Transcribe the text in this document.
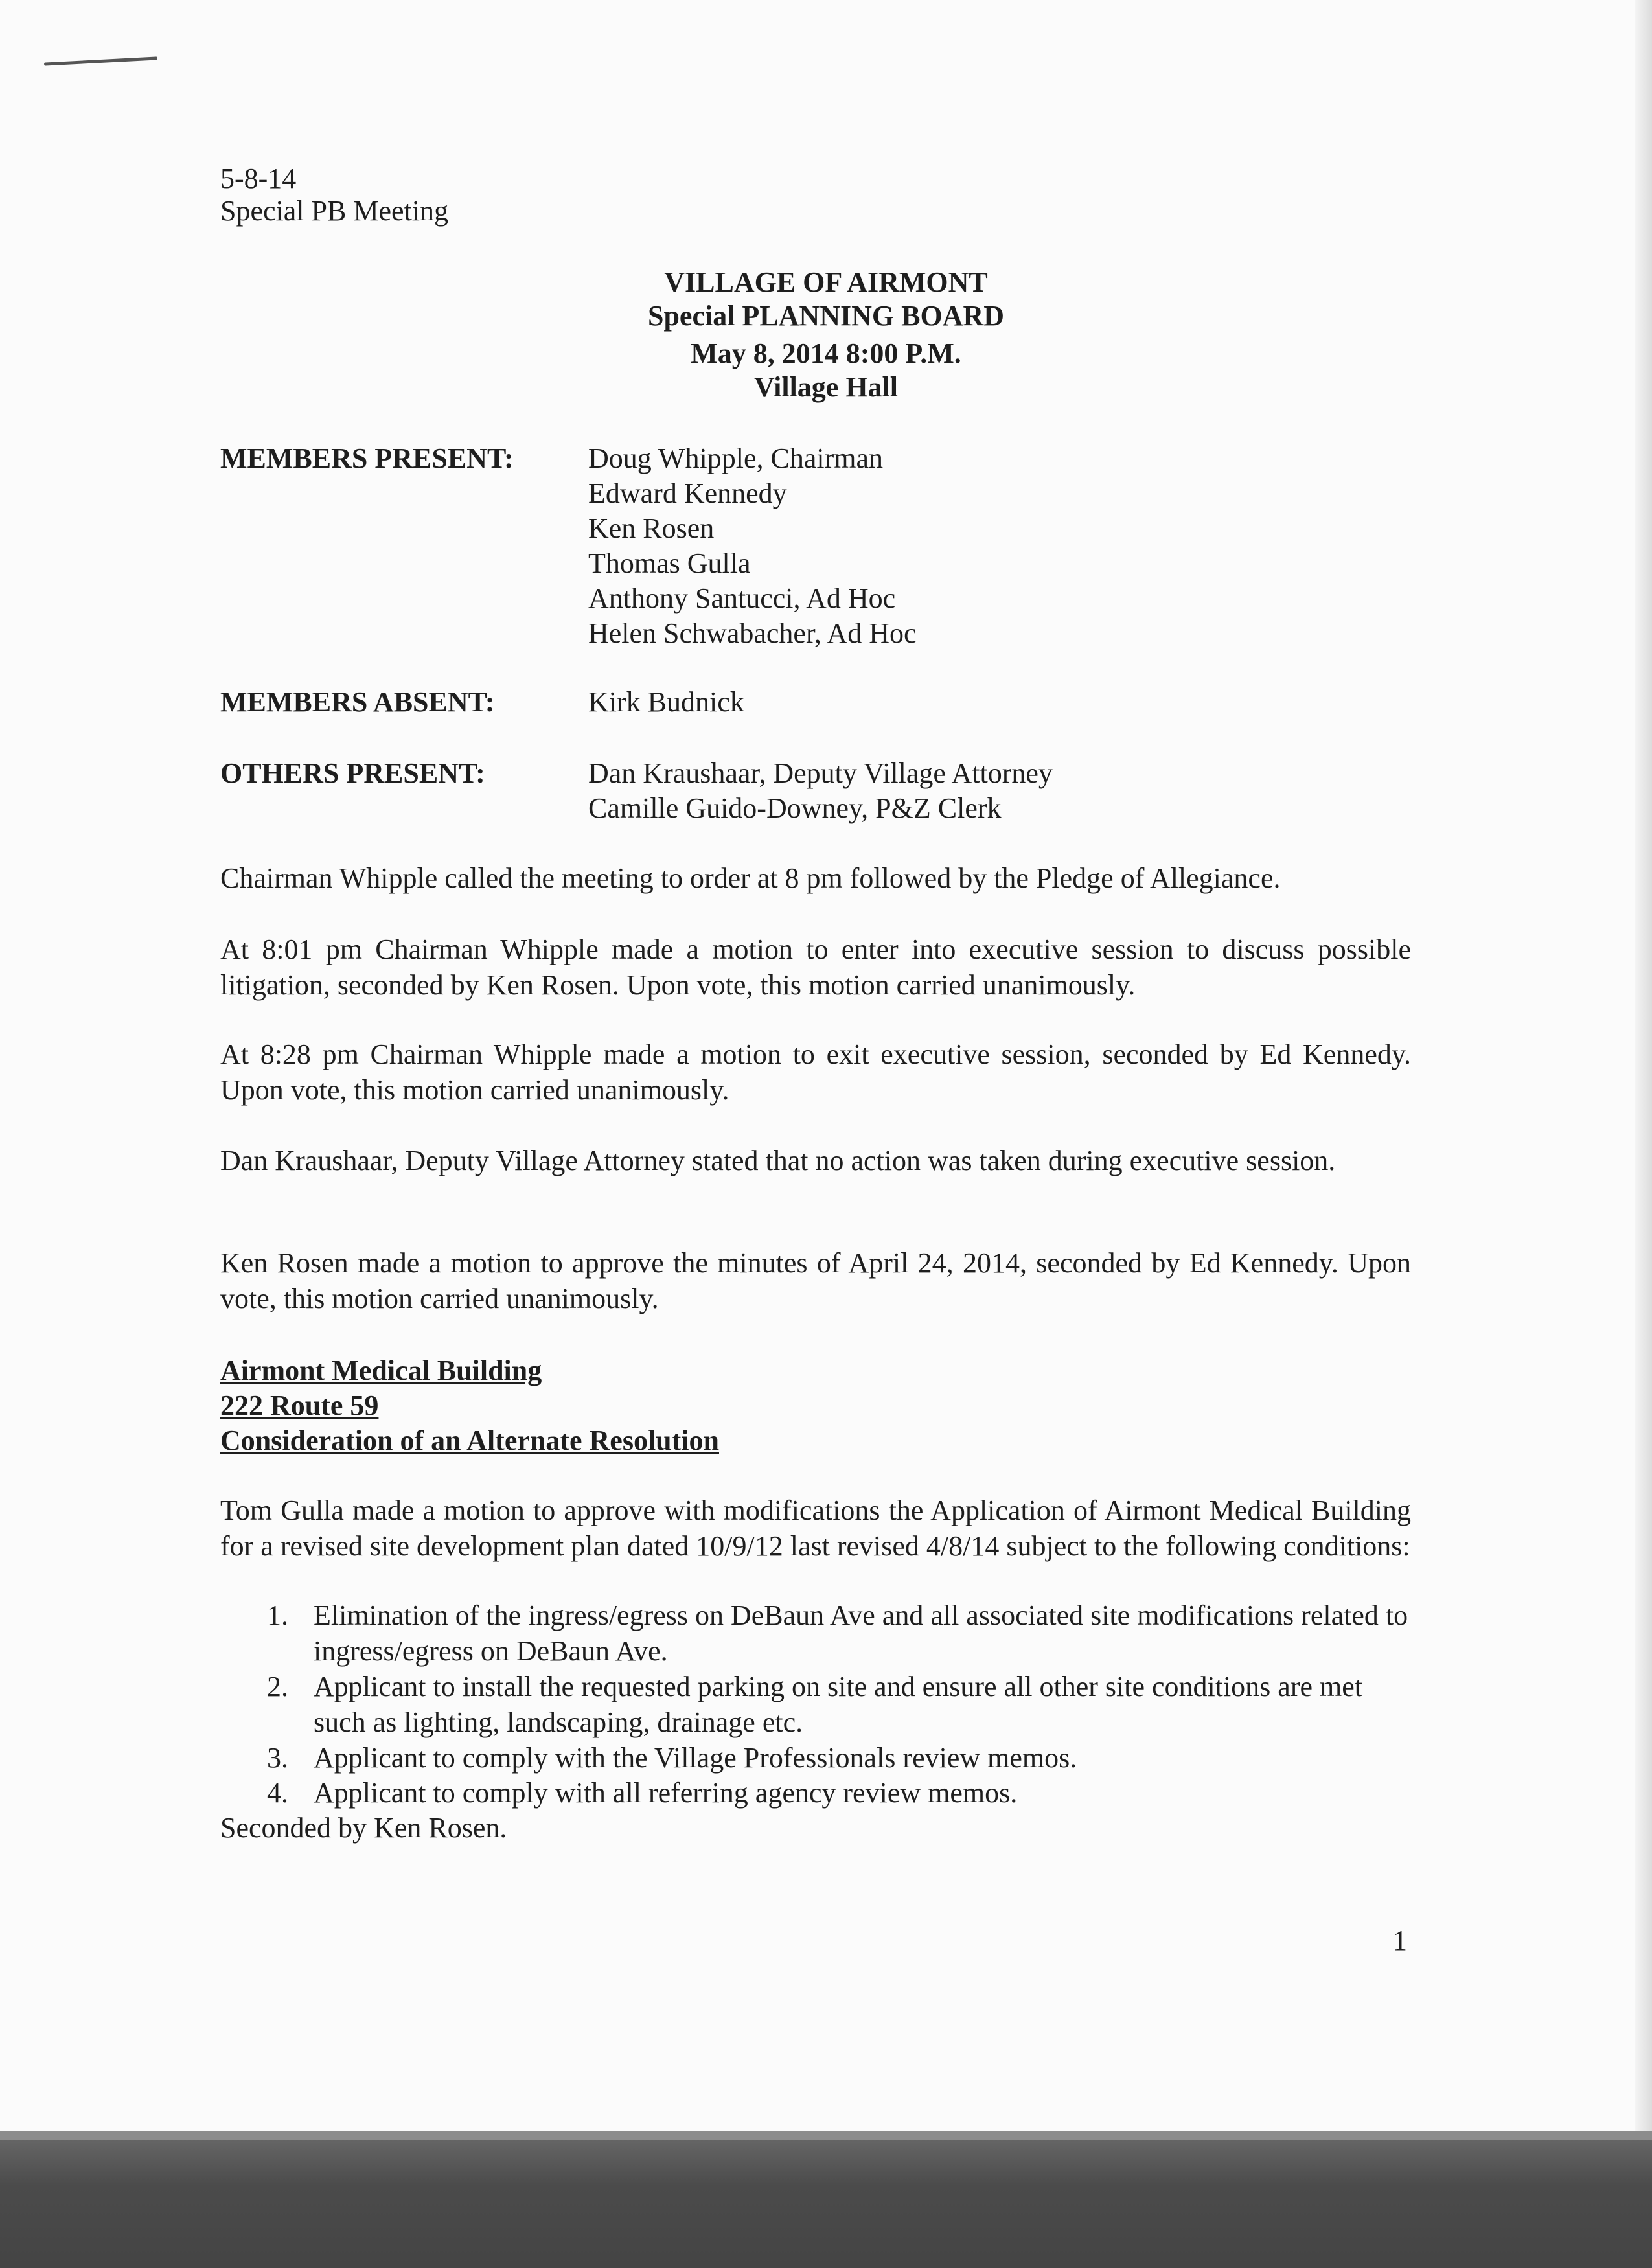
5-8-14
Special PB Meeting
VILLAGE OF AIRMONT
Special PLANNING BOARD
May 8, 2014 8:00 P.M.
Village Hall
MEMBERS PRESENT:	Doug Whipple, Chairman
Edward Kennedy
Ken Rosen
Thomas Gulla
Anthony Santucci, Ad Hoc
Helen Schwabacher, Ad Hoc
MEMBERS ABSENT:	Kirk Budnick
OTHERS PRESENT:	Dan Kraushaar, Deputy Village Attorney
Camille Guido-Downey, P&Z Clerk
Chairman Whipple called the meeting to order at 8 pm followed by the Pledge of Allegiance.
At 8:01 pm Chairman Whipple made a motion to enter into executive session to discuss possible litigation, seconded by Ken Rosen. Upon vote, this motion carried unanimously.
At 8:28 pm Chairman Whipple made a motion to exit executive session, seconded by Ed Kennedy. Upon vote, this motion carried unanimously.
Dan Kraushaar, Deputy Village Attorney stated that no action was taken during executive session.
Ken Rosen made a motion to approve the minutes of April 24, 2014, seconded by Ed Kennedy. Upon vote, this motion carried unanimously.
Airmont Medical Building
222 Route 59
Consideration of an Alternate Resolution
Tom Gulla made a motion to approve with modifications the Application of Airmont Medical Building for a revised site development plan dated 10/9/12 last revised 4/8/14 subject to the following conditions:
1. Elimination of the ingress/egress on DeBaun Ave and all associated site modifications related to ingress/egress on DeBaun Ave.
2. Applicant to install the requested parking on site and ensure all other site conditions are met such as lighting, landscaping, drainage etc.
3. Applicant to comply with the Village Professionals review memos.
4. Applicant to comply with all referring agency review memos.
Seconded by Ken Rosen.
1
